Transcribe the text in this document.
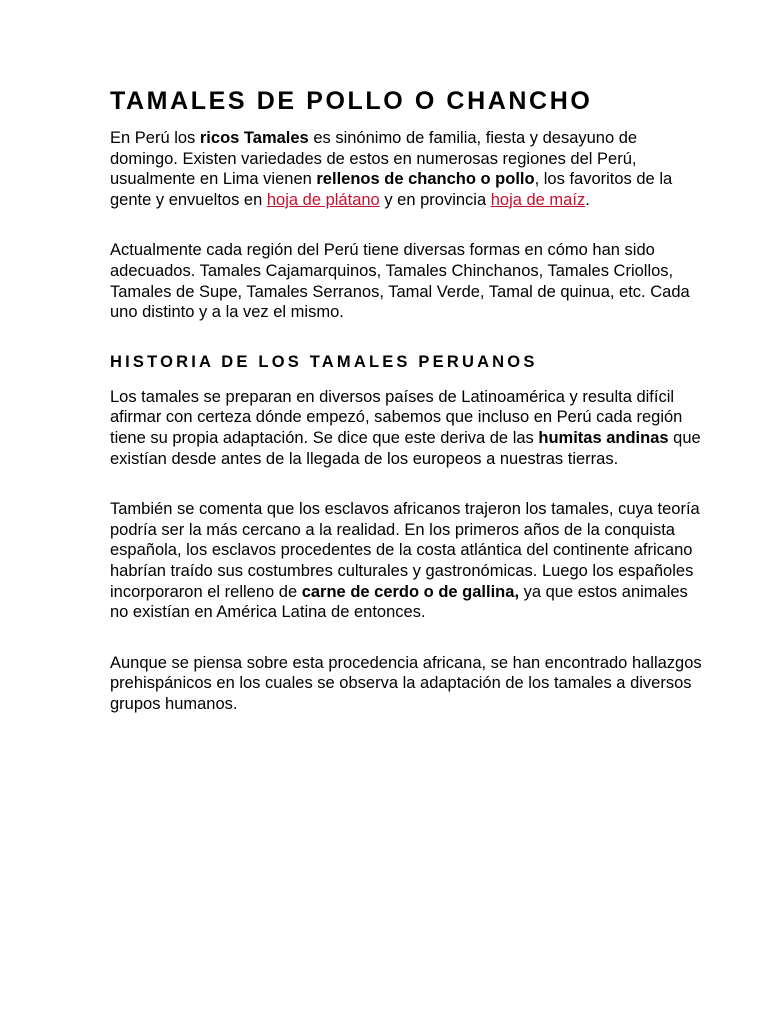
TAMALES DE POLLO O CHANCHO

En Perú los ricos Tamales es sinónimo de familia, fiesta y desayuno de domingo. Existen variedades de estos en numerosas regiones del Perú, usualmente en Lima vienen rellenos de chancho o pollo, los favoritos de la gente y envueltos en hoja de plátano y en provincia hoja de maíz.

Actualmente cada región del Perú tiene diversas formas en cómo han sido adecuados. Tamales Cajamarquinos, Tamales Chinchanos, Tamales Criollos, Tamales de Supe, Tamales Serranos, Tamal Verde, Tamal de quinua, etc. Cada uno distinto y a la vez el mismo.

HISTORIA DE LOS TAMALES PERUANOS

Los tamales se preparan en diversos países de Latinoamérica y resulta difícil afirmar con certeza dónde empezó, sabemos que incluso en Perú cada región tiene su propia adaptación. Se dice que este deriva de las humitas andinas que existían desde antes de la llegada de los europeos a nuestras tierras.

También se comenta que los esclavos africanos trajeron los tamales, cuya teoría podría ser la más cercano a la realidad. En los primeros años de la conquista española, los esclavos procedentes de la costa atlántica del continente africano habrían traído sus costumbres culturales y gastronómicas. Luego los españoles incorporaron el relleno de carne de cerdo o de gallina, ya que estos animales no existían en América Latina de entonces.

Aunque se piensa sobre esta procedencia africana, se han encontrado hallazgos prehispánicos en los cuales se observa la adaptación de los tamales a diversos grupos humanos.
